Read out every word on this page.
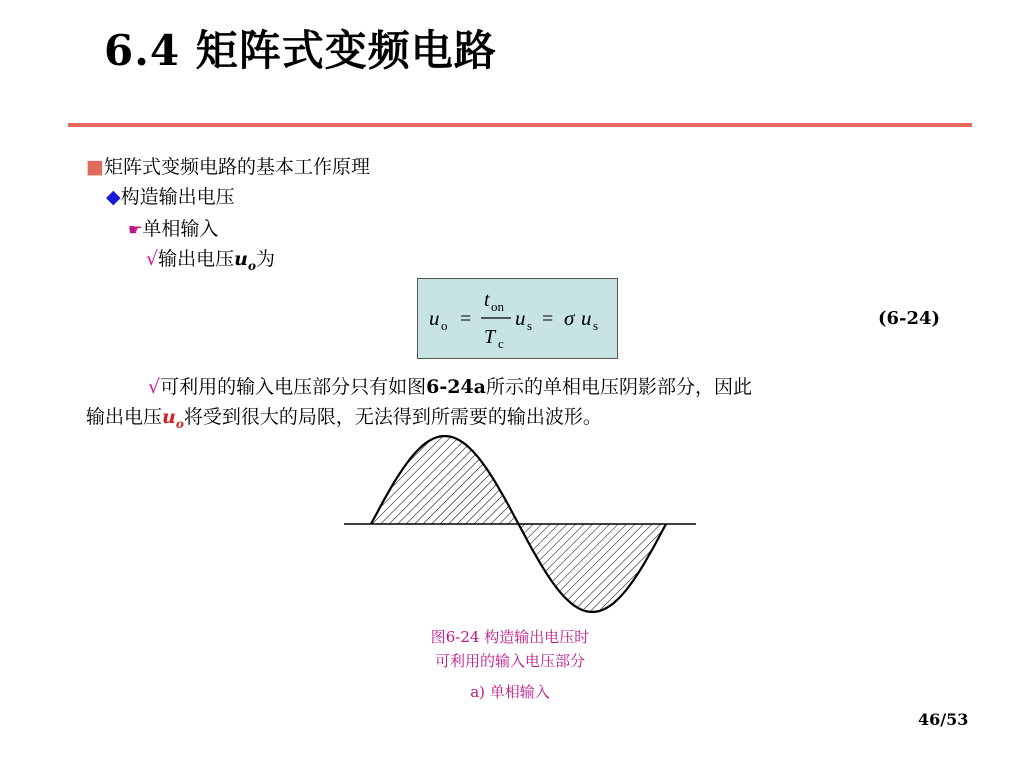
6.4 矩阵式变频电路
■矩阵式变频电路的基本工作原理
◆构造输出电压
☛单相输入
√输出电压$u_o$为
u o =
t on
T c
u s = σ u s	(6-24)
√可利用的输入电压部分只有如图6-24a所示的单相电压阴影部分，因此
输出电压$u_o$将受到很大的局限，无法得到所需要的输出波形。
图6-24 构造输出电压时
可利用的输入电压部分
a) 单相输入
46/53
